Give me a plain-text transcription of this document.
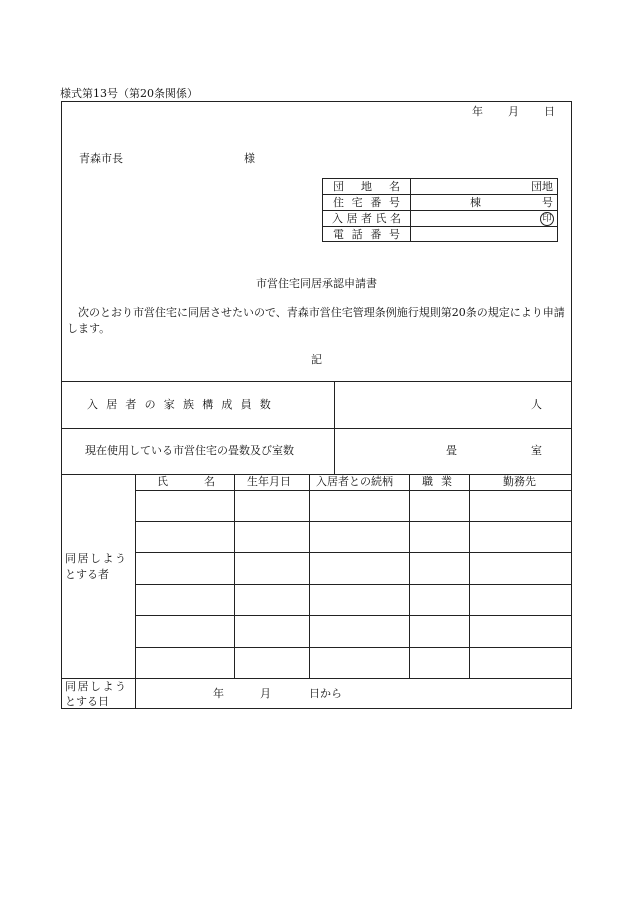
様式第13号（第20条関係）
年 月 日
青森市長	様
団地名	団地
住宅番号	棟	号
入居者氏名	印
電話番号
市営住宅同居承認申請書
次のとおり市営住宅に同居させたいので、青森市営住宅管理条例施行規則第20条の規定により申請します。
記
入居者の家族構成員数	人
現在使用している市営住宅の畳数及び室数	畳	室
氏	名	生年月日 入居者との続柄	職業	勤務先
同居しよう
とする者
同居しよう
とする日
年	月	日から
